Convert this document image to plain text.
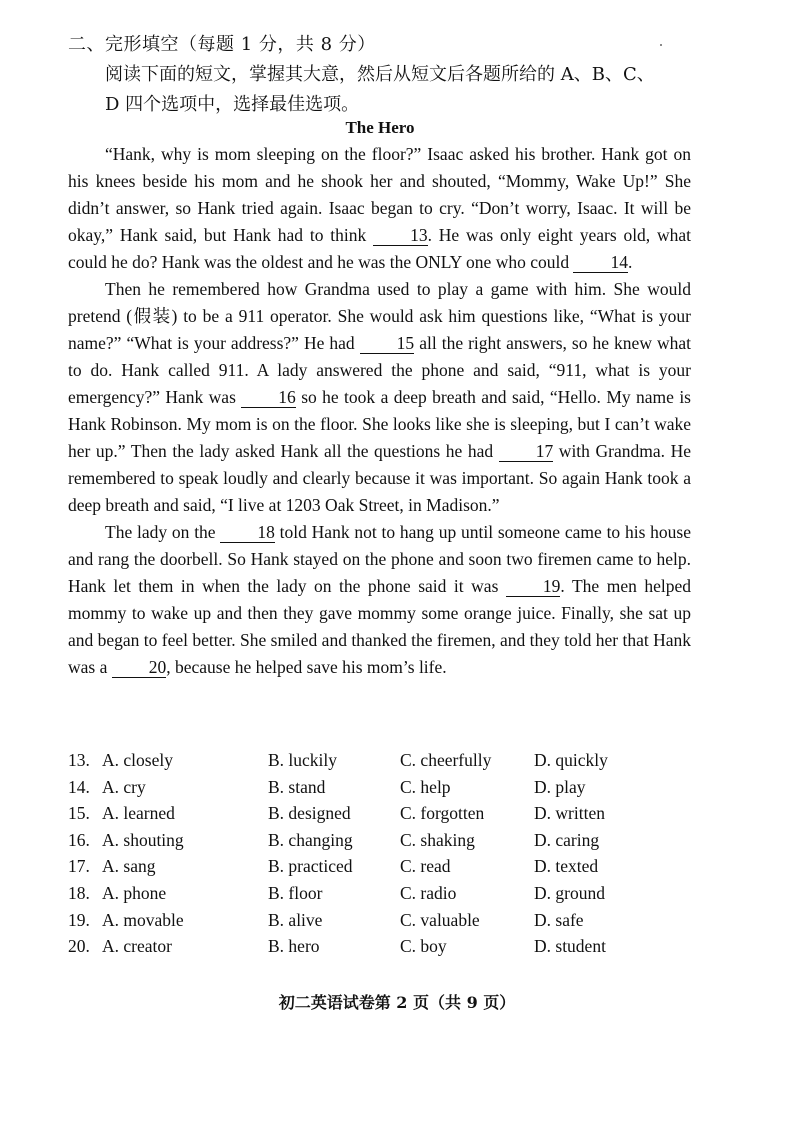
二、完形填空（每题 1 分，共 8 分）
阅读下面的短文，掌握其大意，然后从短文后各题所给的 A、B、C、
D 四个选项中，选择最佳选项。
The Hero

“Hank, why is mom sleeping on the floor?” Isaac asked his brother. Hank got on his knees beside his mom and he shook her and shouted, “Mommy, Wake Up!” She didn’t answer, so Hank tried again. Isaac began to cry. “Don’t worry, Isaac. It will be okay,” Hank said, but Hank had to think 13. He was only eight years old, what could he do? Hank was the oldest and he was the ONLY one who could 14.

Then he remembered how Grandma used to play a game with him. She would pretend (假装) to be a 911 operator. She would ask him questions like, “What is your name?” “What is your address?” He had 15 all the right answers, so he knew what to do. Hank called 911. A lady answered the phone and said, “911, what is your emergency?” Hank was 16 so he took a deep breath and said, “Hello. My name is Hank Robinson. My mom is on the floor. She looks like she is sleeping, but I can’t wake her up.” Then the lady asked Hank all the questions he had 17 with Grandma. He remembered to speak loudly and clearly because it was important. So again Hank took a deep breath and said, “I live at 1203 Oak Street, in Madison.”

The lady on the 18 told Hank not to hang up until someone came to his house and rang the doorbell. So Hank stayed on the phone and soon two firemen came to help. Hank let them in when the lady on the phone said it was 19. The men helped mommy to wake up and then they gave mommy some orange juice. Finally, she sat up and began to feel better. She smiled and thanked the firemen, and they told her that Hank was a 20, because he helped save his mom’s life.

13. A. closely	B. luckily	C. cheerfully D. quickly
14. A. cry	B. stand	C. help	D. play
15. A. learned	B. designed	C. forgotten	D. written
16. A. shouting	B. changing	C. shaking	D. caring
17. A. sang	B. practiced	C. read	D. texted
18. A. phone	B. floor	C. radio	D. ground
19. A. movable	B. alive	C. valuable	D. safe
20. A. creator	B. hero	C. boy	D. student
初二英语试卷第 2 页（共 9 页）
